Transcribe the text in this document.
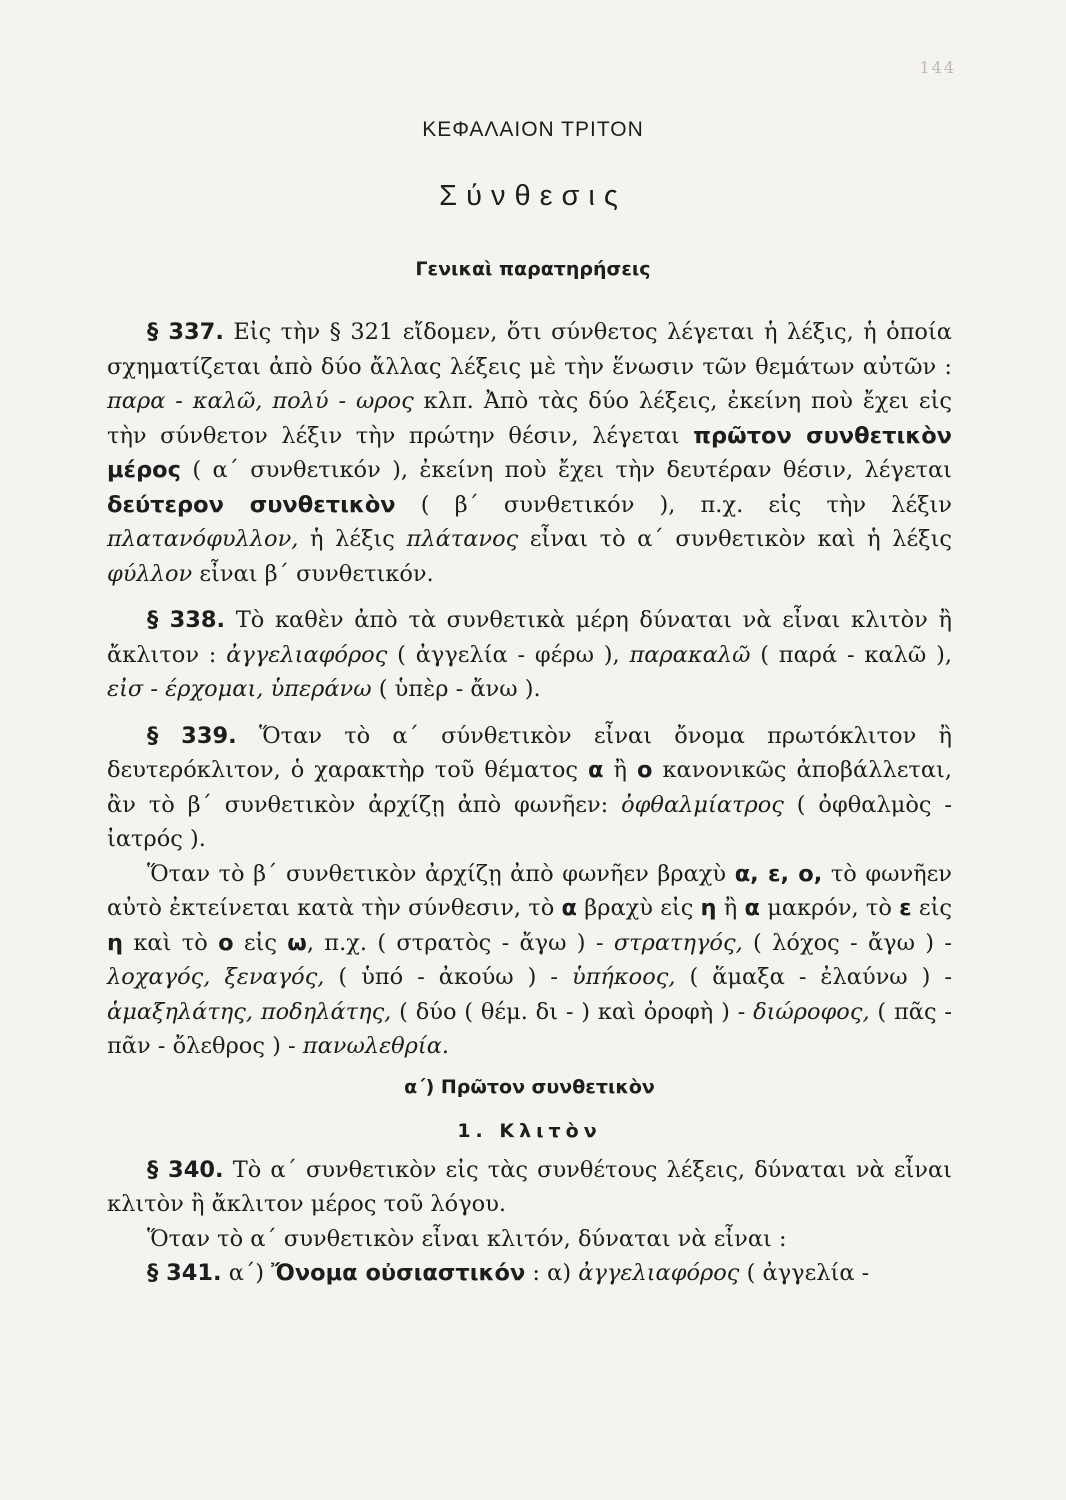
144
ΚΕΦΑΛΑΙΟΝ ΤΡΙΤΟΝ
Σύνθεσις
Γενικαὶ παρατηρήσεις

§ 337. Εἰς τὴν § 321 εἴδομεν, ὅτι σύνθετος λέγεται ἡ λέξις, ἡ ὁποία σχηματίζεται ἀπὸ δύο ἄλλας λέξεις μὲ τὴν ἕνωσιν τῶν θεμάτων αὐτῶν : παρα - καλῶ, πολύ - ωρος κλπ. Ἀπὸ τὰς δύο λέξεις, ἐκείνη ποὺ ἔχει εἰς τὴν σύνθετον λέξιν τὴν πρώτην θέσιν, λέγεται πρῶτον συνθετικὸν μέρος ( α΄ συνθετικόν ), ἐκείνη ποὺ ἔχει τὴν δευτέραν θέσιν, λέγεται δεύτερον συνθετικὸν ( β΄ συνθετικόν ), π.χ. εἰς τὴν λέξιν πλατανόφυλλον, ἡ λέξις πλάτανος εἶναι τὸ α΄ συνθετικὸν καὶ ἡ λέξις φύλλον εἶναι β΄ συνθετικόν.

§ 338. Τὸ καθὲν ἀπὸ τὰ συνθετικὰ μέρη δύναται νὰ εἶναι κλιτὸν ἢ ἄκλιτον : ἀγγελιαφόρος ( ἀγγελία - φέρω ), παρακαλῶ ( παρά - καλῶ ), εἰσ - έρχομαι, ὑπεράνω ( ὑπὲρ - ἄνω ).

§ 339. Ὅταν τὸ α΄ σύνθετικὸν εἶναι ὄνομα πρωτόκλιτον ἢ δευτερόκλιτον, ὁ χαρακτὴρ τοῦ θέματος α ἢ ο κανονικῶς ἀποβάλλεται, ἂν τὸ β΄ συνθετικὸν ἀρχίζῃ ἀπὸ φωνῆεν: ὀφθαλμίατρος ( ὀφθαλμὸς - ἰατρός ).

Ὅταν τὸ β΄ συνθετικὸν ἀρχίζῃ ἀπὸ φωνῆεν βραχὺ α, ε, ο, τὸ φωνῆεν αὐτὸ ἐκτείνεται κατὰ τὴν σύνθεσιν, τὸ α βραχὺ εἰς η ἢ α μακρόν, τὸ ε εἰς η καὶ τὸ ο εἰς ω, π.χ. ( στρατὸς - ἄγω ) - στρατηγός, ( λόχος - ἄγω ) - λοχαγός, ξεναγός, ( ὑπό - ἀκούω ) - ὑπήκοος, ( ἅμαξα - ἐλαύνω ) - ἁμαξηλάτης, ποδηλάτης, ( δύο ( θέμ. δι - ) καὶ ὀροφὴ ) - διώροφος, ( πᾶς - πᾶν - ὄλεθρος ) - πανωλεθρία.

α΄) Πρῶτον συνθετικὸν

1. Κλιτὸν

§ 340. Τὸ α΄ συνθετικὸν εἰς τὰς συνθέτους λέξεις, δύναται νὰ εἶναι κλιτὸν ἢ ἄκλιτον μέρος τοῦ λόγου.

Ὅταν τὸ α΄ συνθετικὸν εἶναι κλιτόν, δύναται νὰ εἶναι :

§ 341. α΄) Ὄνομα οὐσιαστικόν : α) ἀγγελιαφόρος ( ἀγγελία -
